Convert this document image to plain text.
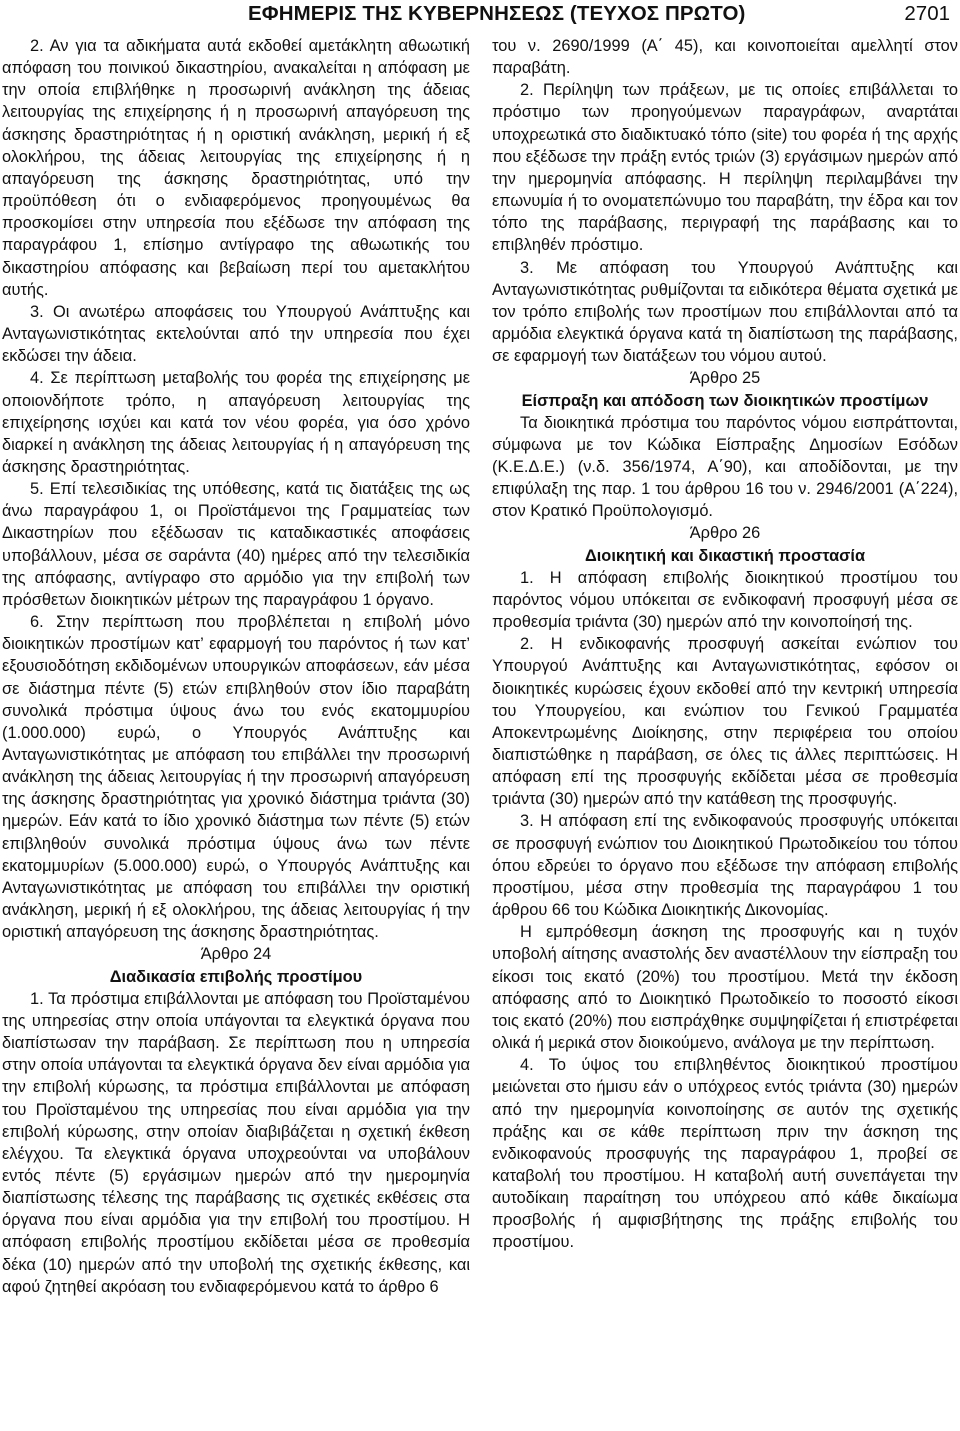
ΕΦΗΜΕΡΙΣ ΤΗΣ ΚΥΒΕΡΝΗΣΕΩΣ (ΤΕΥΧΟΣ ΠΡΩΤΟ)	2701

2. Αν για τα αδικήματα αυτά εκδοθεί αμετάκλητη αθωωτική απόφαση του ποινικού δικαστηρίου, ανακαλείται η απόφαση με την οποία επιβλήθηκε η προσωρινή ανάκληση της άδειας λειτουργίας της επιχείρησης ή η προσωρινή απαγόρευση της άσκησης δραστηριότητας ή η οριστική ανάκληση, μερική ή εξ ολοκλήρου, της άδειας λειτουργίας της επιχείρησης ή η απαγόρευση της άσκησης δραστηριότητας, υπό την προϋπόθεση ότι ο ενδιαφερόμενος προηγουμένως θα προσκομίσει στην υπηρεσία που εξέδωσε την απόφαση της παραγράφου 1, επίσημο αντίγραφο της αθωωτικής του δικαστηρίου απόφασης και βεβαίωση περί του αμετακλήτου αυτής.

3. Οι ανωτέρω αποφάσεις του Υπουργού Ανάπτυξης και Ανταγωνιστικότητας εκτελούνται από την υπηρεσία που έχει εκδώσει την άδεια.

4. Σε περίπτωση μεταβολής του φορέα της επιχείρησης με οποιονδήποτε τρόπο, η απαγόρευση λειτουργίας της επιχείρησης ισχύει και κατά τον νέου φορέα, για όσο χρόνο διαρκεί η ανάκληση της άδειας λειτουργίας ή η απαγόρευση της άσκησης δραστηριότητας.

5. Επί τελεσιδικίας της υπόθεσης, κατά τις διατάξεις της ως άνω παραγράφου 1, οι Προϊστάμενοι της Γραμματείας των Δικαστηρίων που εξέδωσαν τις καταδικαστικές αποφάσεις υποβάλλουν, μέσα σε σαράντα (40) ημέρες από την τελεσιδικία της απόφασης, αντίγραφο στο αρμόδιο για την επιβολή των πρόσθετων διοικητικών μέτρων της παραγράφου 1 όργανο.

6. Στην περίπτωση που προβλέπεται η επιβολή μόνο διοικητικών προστίμων κατ’ εφαρμογή του παρόντος ή των κατ’ εξουσιοδότηση εκδιδομένων υπουργικών αποφάσεων, εάν μέσα σε διάστημα πέντε (5) ετών επιβληθούν στον ίδιο παραβάτη συνολικά πρόστιμα ύψους άνω του ενός εκατομμυρίου (1.000.000) ευρώ, ο Υπουργός Ανάπτυξης και Ανταγωνιστικότητας με απόφαση του επιβάλλει την προσωρινή ανάκληση της άδειας λειτουργίας ή την προσωρινή απαγόρευση της άσκησης δραστηριότητας για χρονικό διάστημα τριάντα (30) ημερών. Εάν κατά το ίδιο χρονικό διάστημα των πέντε (5) ετών επιβληθούν συνολικά πρόστιμα ύψους άνω των πέντε εκατομμυρίων (5.000.000) ευρώ, ο Υπουργός Ανάπτυξης και Ανταγωνιστικότητας με απόφαση του επιβάλλει την οριστική ανάκληση, μερική ή εξ ολοκλήρου, της άδειας λειτουργίας ή την οριστική απαγόρευση της άσκησης δραστηριότητας.

Άρθρο 24

Διαδικασία επιβολής προστίμου

1. Τα πρόστιμα επιβάλλονται με απόφαση του Προϊσταμένου της υπηρεσίας στην οποία υπάγονται τα ελεγκτικά όργανα που διαπίστωσαν την παράβαση. Σε περίπτωση που η υπηρεσία στην οποία υπάγονται τα ελεγκτικά όργανα δεν είναι αρμόδια για την επιβολή κύρωσης, τα πρόστιμα επιβάλλονται με απόφαση του Προϊσταμένου της υπηρεσίας που είναι αρμόδια για την επιβολή κύρωσης, στην οποίαν διαβιβάζεται η σχετική έκθεση ελέγχου. Τα ελεγκτικά όργανα υποχρεούνται να υποβάλουν εντός πέντε (5) εργάσιμων ημερών από την ημερομηνία διαπίστωσης τέλεσης της παράβασης τις σχετικές εκθέσεις στα όργανα που είναι αρμόδια για την επιβολή του προστίμου. Η απόφαση επιβολής προστίμου εκδίδεται μέσα σε προθεσμία δέκα (10) ημερών από την υποβολή της σχετικής έκθεσης, και αφού ζητηθεί ακρόαση του ενδιαφερόμενου κατά το άρθρο 6

του ν. 2690/1999 (Α΄ 45), και κοινοποιείται αμελλητί στον παραβάτη.

2. Περίληψη των πράξεων, με τις οποίες επιβάλλεται το πρόστιμο των προηγούμενων παραγράφων, αναρτάται υποχρεωτικά στο διαδικτυακό τόπο (site) του φορέα ή της αρχής που εξέδωσε την πράξη εντός τριών (3) εργάσιμων ημερών από την ημερομηνία απόφασης. Η περίληψη περιλαμβάνει την επωνυμία ή το ονοματεπώνυμο του παραβάτη, την έδρα και τον τόπο της παράβασης, περιγραφή της παράβασης και το επιβληθέν πρόστιμο.

3. Με απόφαση του Υπουργού Ανάπτυξης και Ανταγωνιστικότητας ρυθμίζονται τα ειδικότερα θέματα σχετικά με τον τρόπο επιβολής των προστίμων που επιβάλλονται από τα αρμόδια ελεγκτικά όργανα κατά τη διαπίστωση της παράβασης, σε εφαρμογή των διατάξεων του νόμου αυτού.

Άρθρο 25

Είσπραξη και απόδοση των διοικητικών προστίμων

Τα διοικητικά πρόστιμα του παρόντος νόμου εισπράττονται, σύμφωνα με τον Κώδικα Είσπραξης Δημοσίων Εσόδων (Κ.Ε.Δ.Ε.) (ν.δ. 356/1974, Α΄90), και αποδίδονται, με την επιφύλαξη της παρ. 1 του άρθρου 16 του ν. 2946/2001 (Α΄224), στον Κρατικό Προϋπολογισμό.

Άρθρο 26

Διοικητική και δικαστική προστασία

1. Η απόφαση επιβολής διοικητικού προστίμου του παρόντος νόμου υπόκειται σε ενδικοφανή προσφυγή μέσα σε προθεσμία τριάντα (30) ημερών από την κοινοποίησή της.

2. Η ενδικοφανής προσφυγή ασκείται ενώπιον του Υπουργού Ανάπτυξης και Ανταγωνιστικότητας, εφόσον οι διοικητικές κυρώσεις έχουν εκδοθεί από την κεντρική υπηρεσία του Υπουργείου, και ενώπιον του Γενικού Γραμματέα Αποκεντρωμένης Διοίκησης, στην περιφέρεια του οποίου διαπιστώθηκε η παράβαση, σε όλες τις άλλες περιπτώσεις. Η απόφαση επί της προσφυγής εκδίδεται μέσα σε προθεσμία τριάντα (30) ημερών από την κατάθεση της προσφυγής.

3. Η απόφαση επί της ενδικοφανούς προσφυγής υπόκειται σε προσφυγή ενώπιον του Διοικητικού Πρωτοδικείου του τόπου όπου εδρεύει το όργανο που εξέδωσε την απόφαση επιβολής προστίμου, μέσα στην προθεσμία της παραγράφου 1 του άρθρου 66 του Κώδικα Διοικητικής Δικονομίας.

Η εμπρόθεσμη άσκηση της προσφυγής και η τυχόν υποβολή αίτησης αναστολής δεν αναστέλλουν την είσπραξη του είκοσι τοις εκατό (20%) του προστίμου. Μετά την έκδοση απόφασης από το Διοικητικό Πρωτοδικείο το ποσοστό είκοσι τοις εκατό (20%) που εισπράχθηκε συμψηφίζεται ή επιστρέφεται ολικά ή μερικά στον διοικούμενο, ανάλογα με την περίπτωση.

4. Το ύψος του επιβληθέντος διοικητικού προστίμου μειώνεται στο ήμισυ εάν ο υπόχρεος εντός τριάντα (30) ημερών από την ημερομηνία κοινοποίησης σε αυτόν της σχετικής πράξης και σε κάθε περίπτωση πριν την άσκηση της ενδικοφανούς προσφυγής της παραγράφου 1, προβεί σε καταβολή του προστίμου. Η καταβολή αυτή συνεπάγεται την αυτοδίκαιη παραίτηση του υπόχρεου από κάθε δικαίωμα προσβολής ή αμφισβήτησης της πράξης επιβολής του προστίμου.
